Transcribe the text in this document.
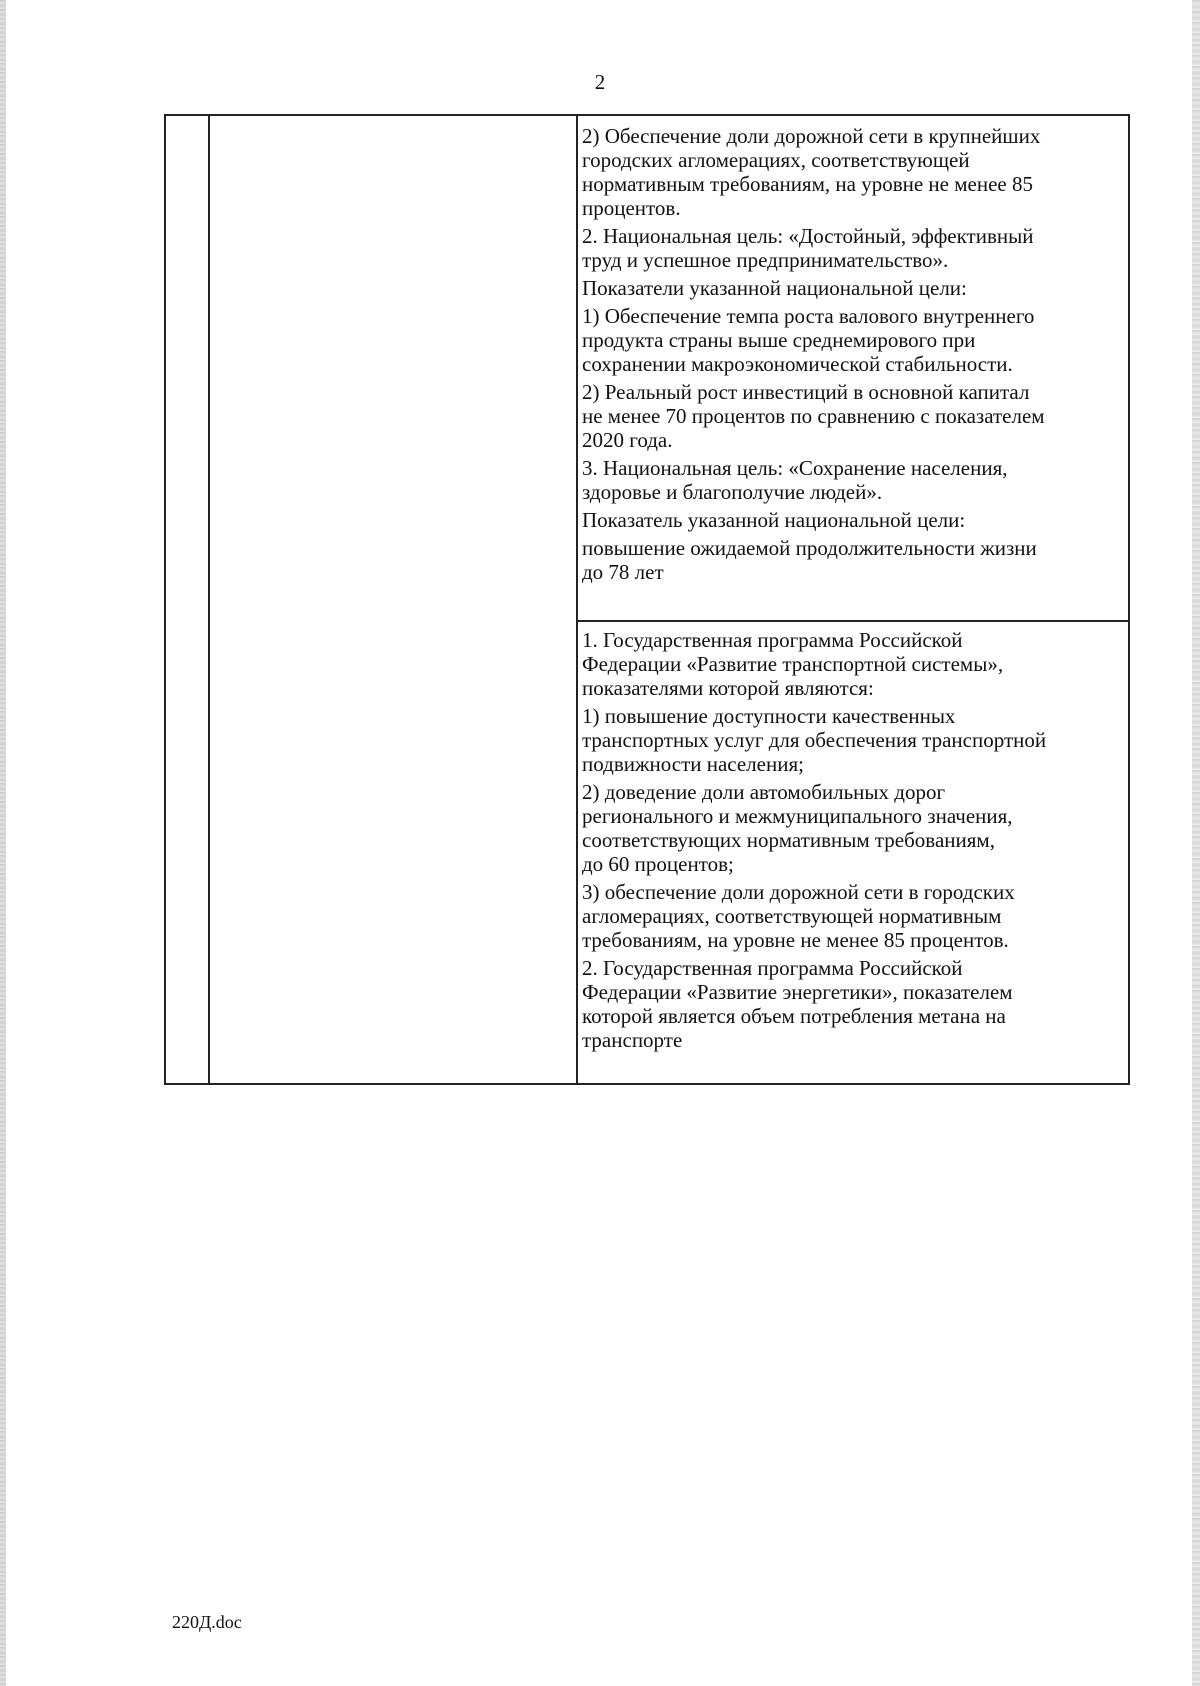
2

2) Обеспечение доли дорожной сети в крупнейших
городских агломерациях, соответствующей
нормативным требованиям, на уровне не менее 85
процентов.

2. Национальная цель: «Достойный, эффективный
труд и успешное предпринимательство».

Показатели указанной национальной цели:

1) Обеспечение темпа роста валового внутреннего
продукта страны выше среднемирового при
сохранении макроэкономической стабильности.

2) Реальный рост инвестиций в основной капитал
не менее 70 процентов по сравнению с показателем
2020 года.

3. Национальная цель: «Сохранение населения,
здоровье и благополучие людей».

Показатель указанной национальной цели:

повышение ожидаемой продолжительности жизни
до 78 лет

1. Государственная программа Российской
Федерации «Развитие транспортной системы»,
показателями которой являются:

1) повышение доступности качественных
транспортных услуг для обеспечения транспортной
подвижности населения;

2) доведение доли автомобильных дорог
регионального и межмуниципального значения,
соответствующих нормативным требованиям,
до 60 процентов;

3) обеспечение доли дорожной сети в городских
агломерациях, соответствующей нормативным
требованиям, на уровне не менее 85 процентов.

2. Государственная программа Российской
Федерации «Развитие энергетики», показателем
которой является объем потребления метана на
транспорте

220Д.doc
